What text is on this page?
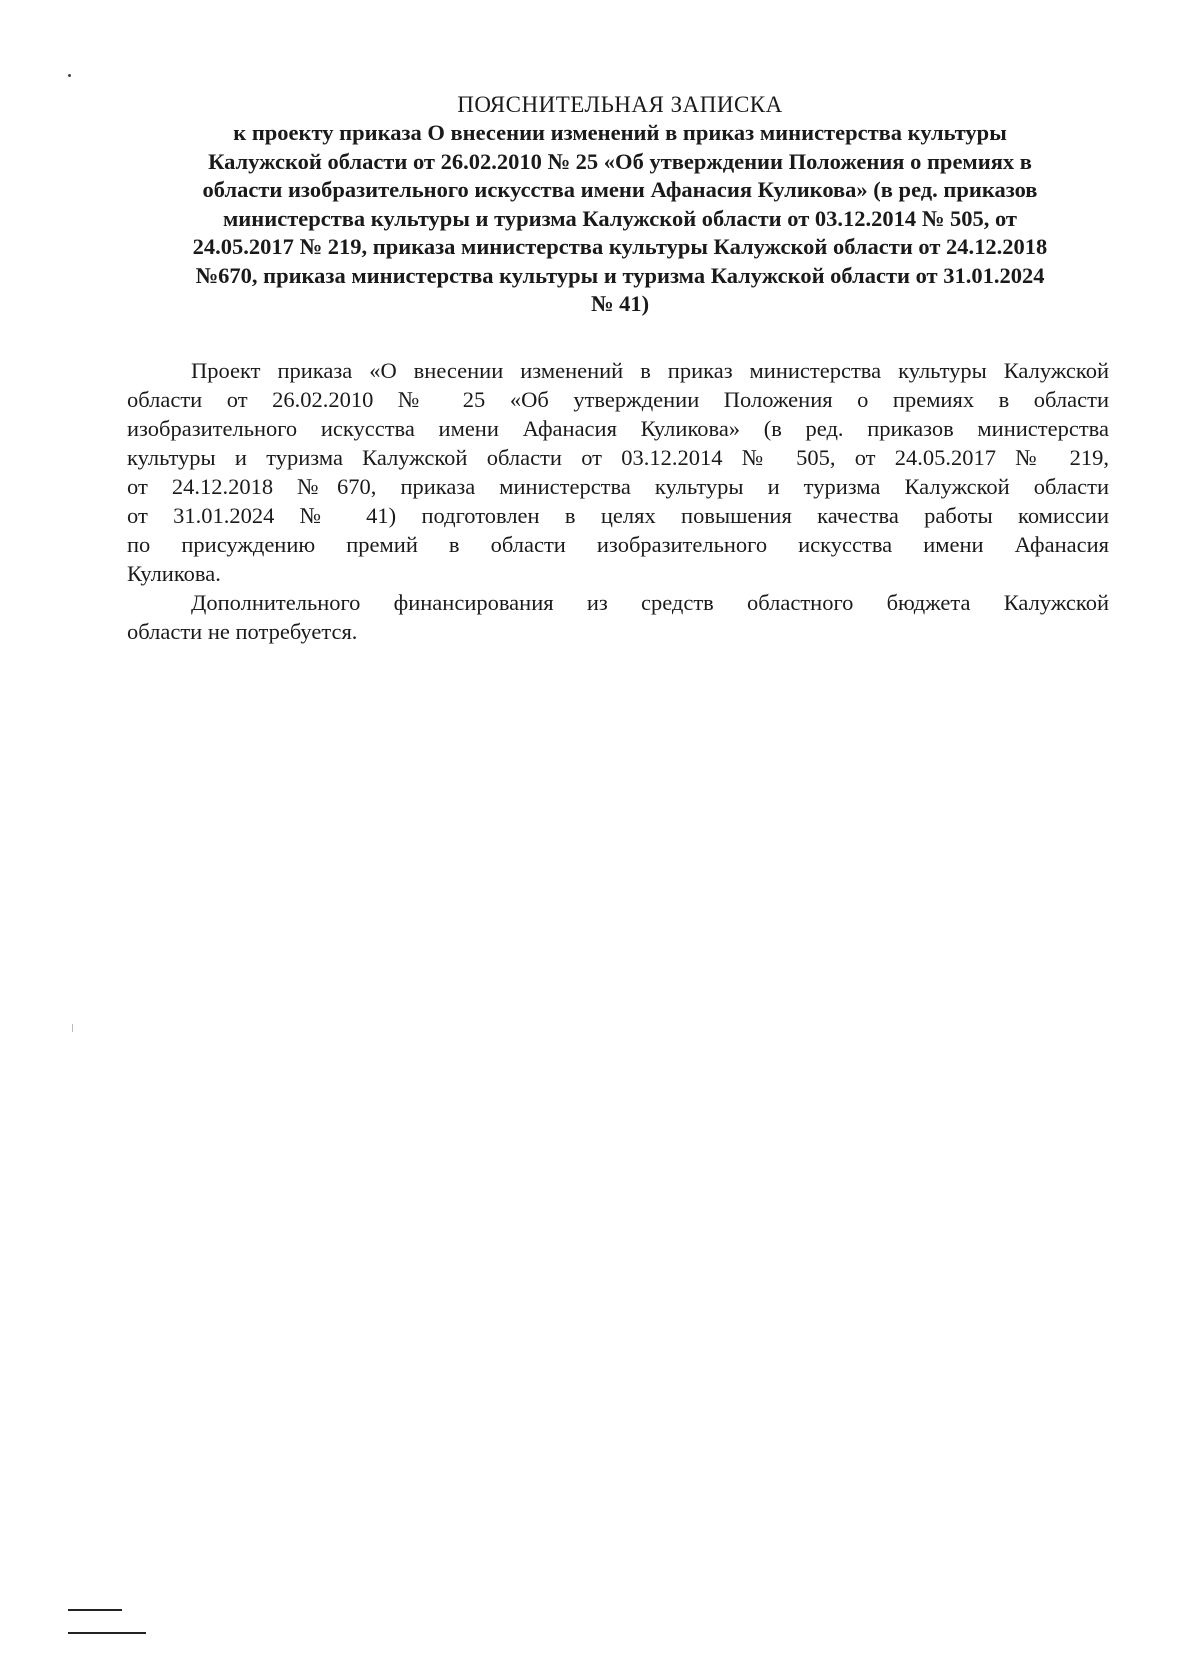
ПОЯСНИТЕЛЬНАЯ ЗАПИСКА

к проекту приказа О внесении изменений в приказ министерства культуры
Калужской области от 26.02.2010 № 25 «Об утверждении Положения о премиях в
области изобразительного искусства имени Афанасия Куликова» (в ред. приказов
министерства культуры и туризма Калужской области от 03.12.2014 № 505, от
24.05.2017 № 219, приказа министерства культуры Калужской области от 24.12.2018
№670, приказа министерства культуры и туризма Калужской области от 31.01.2024
№ 41)

Проект приказа «О внесении изменений в приказ министерства культуры Калужской
области от 26.02.2010 № 25 «Об утверждении Положения о премиях в области
изобразительного искусства имени Афанасия Куликова» (в ред. приказов министерства
культуры и туризма Калужской области от 03.12.2014 № 505, от 24.05.2017 № 219,
от 24.12.2018 №670, приказа министерства культуры и туризма Калужской области
от 31.01.2024 № 41) подготовлен в целях повышения качества работы комиссии
по присуждению премий в области изобразительного искусства имени Афанасия
Куликова.

Дополнительного финансирования из средств областного бюджета Калужской
области не потребуется.
